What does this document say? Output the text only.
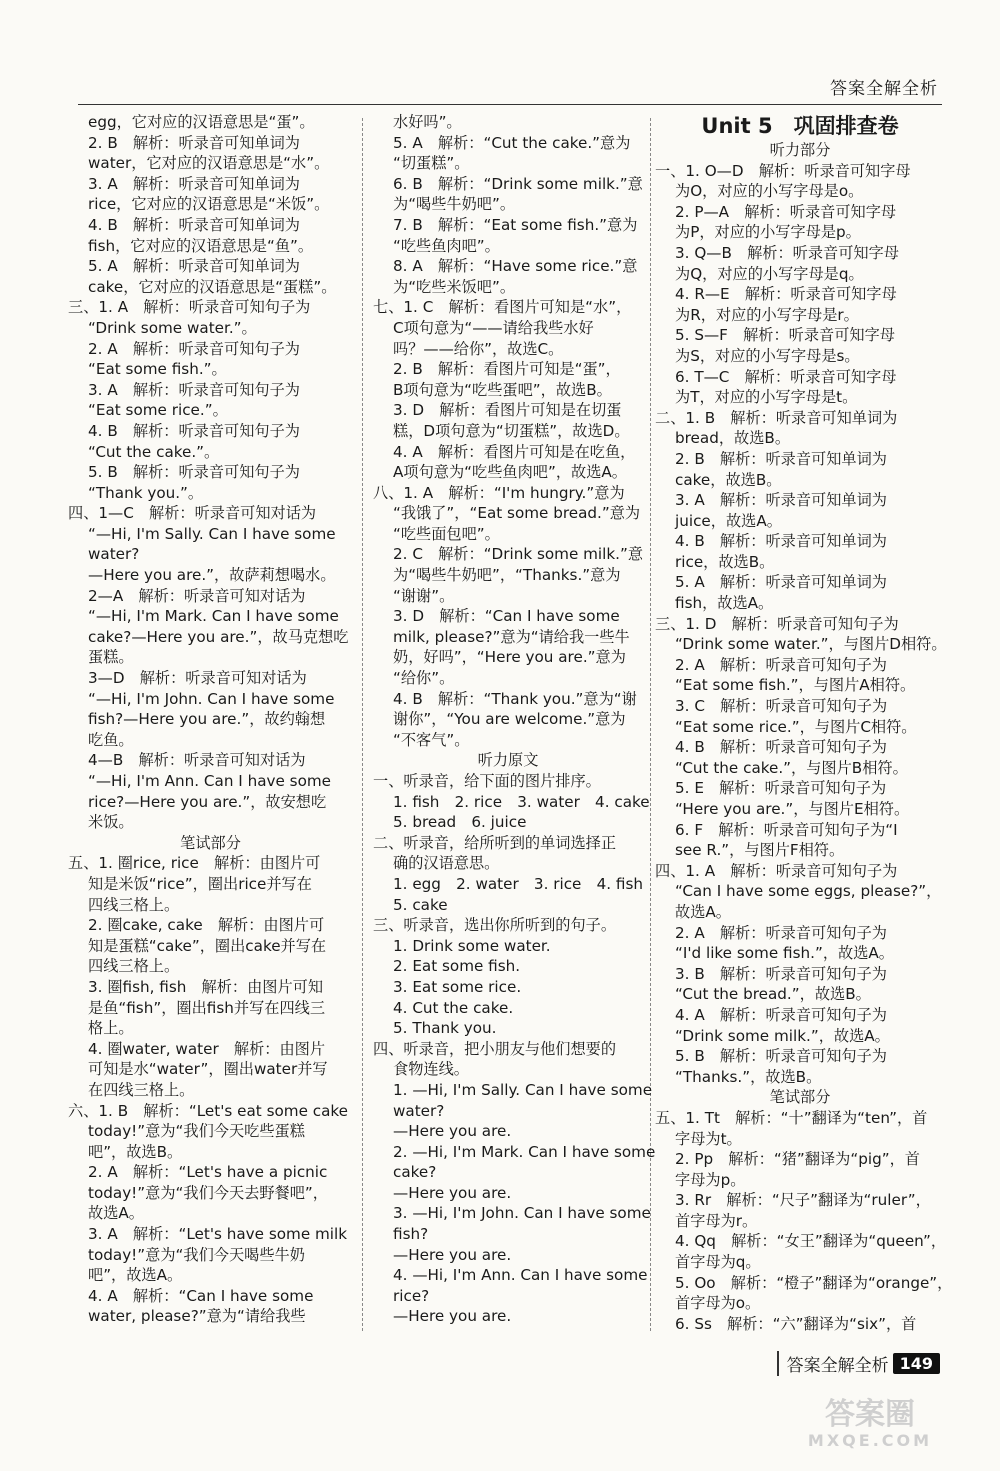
答案全解全析
egg，它对应的汉语意思是“蛋”。
2. B　解析：听录音可知单词为
water，它对应的汉语意思是“水”。
3. A　解析：听录音可知单词为
rice，它对应的汉语意思是“米饭”。
4. B　解析：听录音可知单词为
fish，它对应的汉语意思是“鱼”。
5. A　解析：听录音可知单词为
cake，它对应的汉语意思是“蛋糕”。
三、1. A　解析：听录音可知句子为
“Drink some water.”。
2. A　解析：听录音可知句子为
“Eat some fish.”。
3. A　解析：听录音可知句子为
“Eat some rice.”。
4. B　解析：听录音可知句子为
“Cut the cake.”。
5. B　解析：听录音可知句子为
“Thank you.”。
四、1—C　解析：听录音可知对话为
“—Hi, I'm Sally. Can I have some
water?
—Here you are.”，故萨莉想喝水。
2—A　解析：听录音可知对话为
“—Hi, I'm Mark. Can I have some
cake?—Here you are.”，故马克想吃
蛋糕。
3—D　解析：听录音可知对话为
“—Hi, I'm John. Can I have some
fish?—Here you are.”，故约翰想
吃鱼。
4—B　解析：听录音可知对话为
“—Hi, I'm Ann. Can I have some
rice?—Here you are.”，故安想吃
米饭。
笔试部分
五、1. 圈rice, rice　解析：由图片可
知是米饭“rice”，圈出rice并写在
四线三格上。
2. 圈cake, cake　解析：由图片可
知是蛋糕“cake”，圈出cake并写在
四线三格上。
3. 圈fish, fish　解析：由图片可知
是鱼“fish”，圈出fish并写在四线三
格上。
4. 圈water, water　解析：由图片
可知是水“water”，圈出water并写
在四线三格上。
六、1. B　解析：“Let's eat some cake
today!”意为“我们今天吃些蛋糕
吧”，故选B。
2. A　解析：“Let's have a picnic
today!”意为“我们今天去野餐吧”，
故选A。
3. A　解析：“Let's have some milk
today!”意为“我们今天喝些牛奶
吧”，故选A。
4. A　解析：“Can I have some
water, please?”意为“请给我些
水好吗”。
5. A　解析：“Cut the cake.”意为
“切蛋糕”。
6. B　解析：“Drink some milk.”意
为“喝些牛奶吧”。
7. B　解析：“Eat some fish.”意为
“吃些鱼肉吧”。
8. A　解析：“Have some rice.”意
为“吃些米饭吧”。
七、1. C　解析：看图片可知是“水”，
C项句意为“——请给我些水好
吗？——给你”，故选C。
2. B　解析：看图片可知是“蛋”，
B项句意为“吃些蛋吧”，故选B。
3. D　解析：看图片可知是在切蛋
糕，D项句意为“切蛋糕”，故选D。
4. A　解析：看图片可知是在吃鱼，
A项句意为“吃些鱼肉吧”，故选A。
八、1. A　解析：“I'm hungry.”意为
“我饿了”，“Eat some bread.”意为
“吃些面包吧”。
2. C　解析：“Drink some milk.”意
为“喝些牛奶吧”，“Thanks.”意为
“谢谢”。
3. D　解析：“Can I have some
milk, please?”意为“请给我一些牛
奶，好吗”，“Here you are.”意为
“给你”。
4. B　解析：“Thank you.”意为“谢
谢你”，“You are welcome.”意为
“不客气”。
听力原文
一、听录音，给下面的图片排序。
1. fish　2. rice　3. water　4. cake
5. bread　6. juice
二、听录音，给所听到的单词选择正
确的汉语意思。
1. egg　2. water　3. rice　4. fish
5. cake
三、听录音，选出你所听到的句子。
1. Drink some water.
2. Eat some fish.
3. Eat some rice.
4. Cut the cake.
5. Thank you.
四、听录音，把小朋友与他们想要的
食物连线。
1. —Hi, I'm Sally. Can I have some
water?
—Here you are.
2. —Hi, I'm Mark. Can I have some
cake?
—Here you are.
3. —Hi, I'm John. Can I have some
fish?
—Here you are.
4. —Hi, I'm Ann. Can I have some
rice?
—Here you are.
Unit 5　巩固排查卷
听力部分
一、1. O—D　解析：听录音可知字母
为O，对应的小写字母是o。
2. P—A　解析：听录音可知字母
为P，对应的小写字母是p。
3. Q—B　解析：听录音可知字母
为Q，对应的小写字母是q。
4. R—E　解析：听录音可知字母
为R，对应的小写字母是r。
5. S—F　解析：听录音可知字母
为S，对应的小写字母是s。
6. T—C　解析：听录音可知字母
为T，对应的小写字母是t。
二、1. B　解析：听录音可知单词为
bread，故选B。
2. B　解析：听录音可知单词为
cake，故选B。
3. A　解析：听录音可知单词为
juice，故选A。
4. B　解析：听录音可知单词为
rice，故选B。
5. A　解析：听录音可知单词为
fish，故选A。
三、1. D　解析：听录音可知句子为
“Drink some water.”，与图片D相符。
2. A　解析：听录音可知句子为
“Eat some fish.”，与图片A相符。
3. C　解析：听录音可知句子为
“Eat some rice.”，与图片C相符。
4. B　解析：听录音可知句子为
“Cut the cake.”，与图片B相符。
5. E　解析：听录音可知句子为
“Here you are.”，与图片E相符。
6. F　解析：听录音可知句子为“I
see R.”，与图片F相符。
四、1. A　解析：听录音可知句子为
“Can I have some eggs, please?”，
故选A。
2. A　解析：听录音可知句子为
“I'd like some fish.”，故选A。
3. B　解析：听录音可知句子为
“Cut the bread.”，故选B。
4. A　解析：听录音可知句子为
“Drink some milk.”，故选A。
5. B　解析：听录音可知句子为
“Thanks.”，故选B。
笔试部分
五、1. Tt　解析：“十”翻译为“ten”，首
字母为t。
2. Pp　解析：“猪”翻译为“pig”，首
字母为p。
3. Rr　解析：“尺子”翻译为“ruler”，
首字母为r。
4. Qq　解析：“女王”翻译为“queen”，
首字母为q。
5. Oo　解析：“橙子”翻译为“orange”，
首字母为o。
6. Ss　解析：“六”翻译为“six”，首
答案全解全析 149
答案圈
MXQE.COM
